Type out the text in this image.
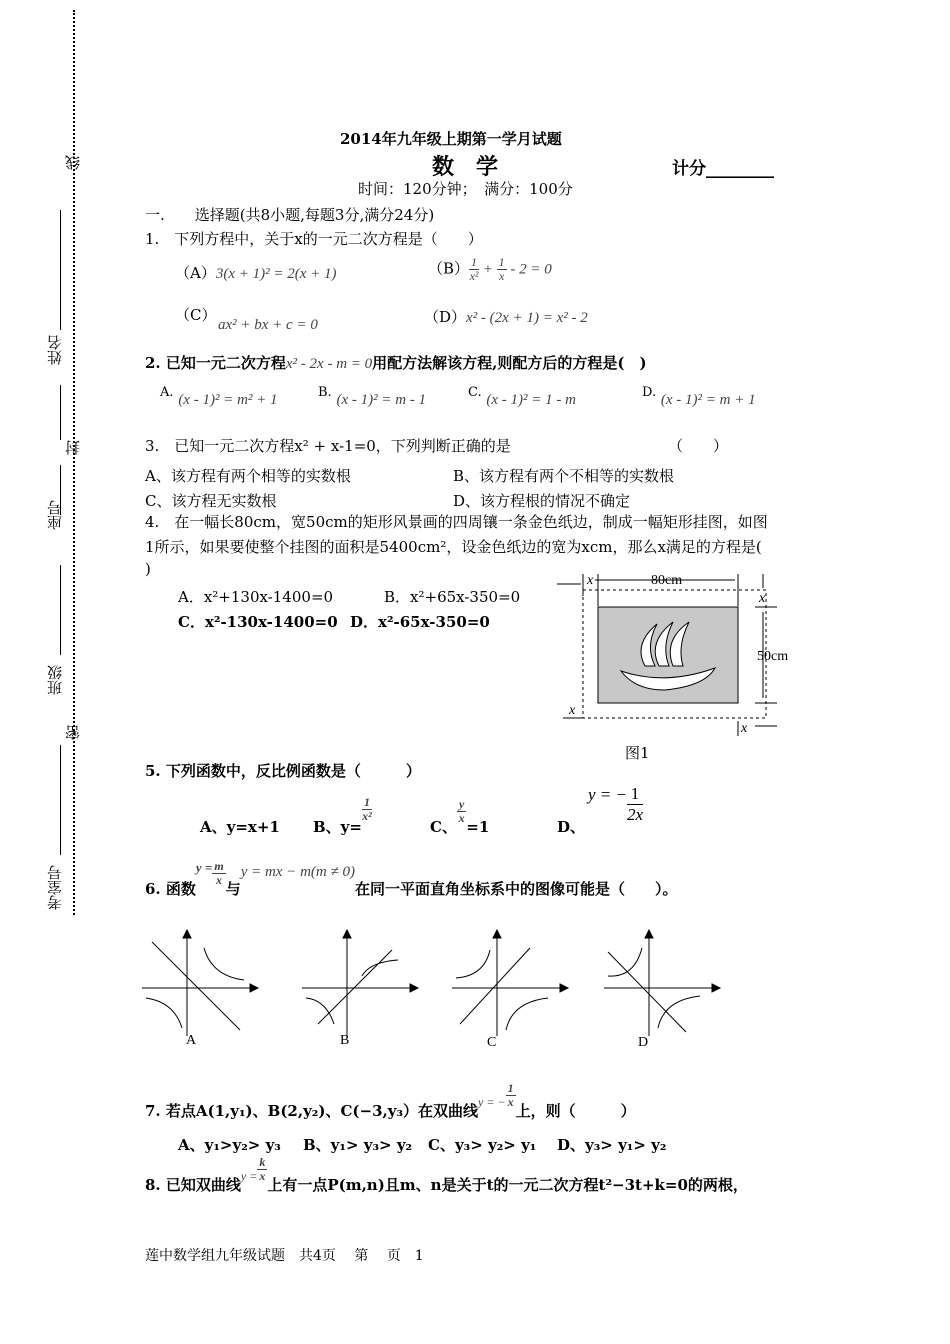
线
姓名
封
座号
班级
密
考室号
2014年九年级上期第一学月试题
数　学	计分________
时间：120分钟；　满分：100分
一.　　选择题(共8小题,每题3分,满分24分)
1.　下列方程中，关于x的一元二次方程是（　　）
（A）3(x + 1)² = 2(x + 1)	$(B) \frac{1}{\text{x²}} + \frac{1}{x} - 2 = 0$
（C）
ax² + bx + c = 0	（D）x² - (2x + 1) = x² - 2
2. 已知一元二次方程x² - 2x - m = 0用配方法解该方程,则配方后的方程是(　)
A. (x - 1)² = m² + 1	B. (x - 1)² = m - 1	C. (x - 1)² = 1 - m	D. (x - 1)² = m + 1
3.　已知一元二次方程x² + x-1=0，下列判断正确的是	（　　）
A、该方程有两个相等的实数根	B、该方程有两个不相等的实数根
C、该方程无实数根	D、该方程根的情况不确定
4.　在一幅长80cm，宽50cm的矩形风景画的四周镶一条金色纸边，制成一幅矩形挂图，如图
1所示，如果要使整个挂图的面积是5400cm²，设金色纸边的宽为xcm，那么x满足的方程是(
)
A．x²+130x-1400=0	B．x²+65x-350=0
C．x²-130x-1400=0 D．x²-65x-350=0
80cm
50cm
x
x
x
x
图1
5. 下列函数中，反比例函数是（　　　）
A、y=x+1 B、y=
$\frac{1}{\text{x²}}$
C、
$\frac{y}{x}$
=1	D、
y = − $\frac{1}{2x}$
6. 函数$y = \frac{m}{x}$
与y = mx − m(m ≠ 0)在同一平面直角坐标系中的图像可能是（　　）。
A	B	C	D
7. 若点A(1,y₁)、B(2,y₂)、C(−3,y₃）在双曲线$_{y = -} \frac{1}{x}$
上，则（　　　）
A、y₁>y₂> y₃ B、y₁> y₃> y₂ C、y₃> y₂> y₁ D、y₃> y₁> y₂
8. 已知双曲线$_{y =} \frac{k}{x}$
上有一点P(m,n)且m、n是关于t的一元二次方程t²−3t+k=0的两根，
莲中数学组九年级试题　共4页　 第　 页　1
